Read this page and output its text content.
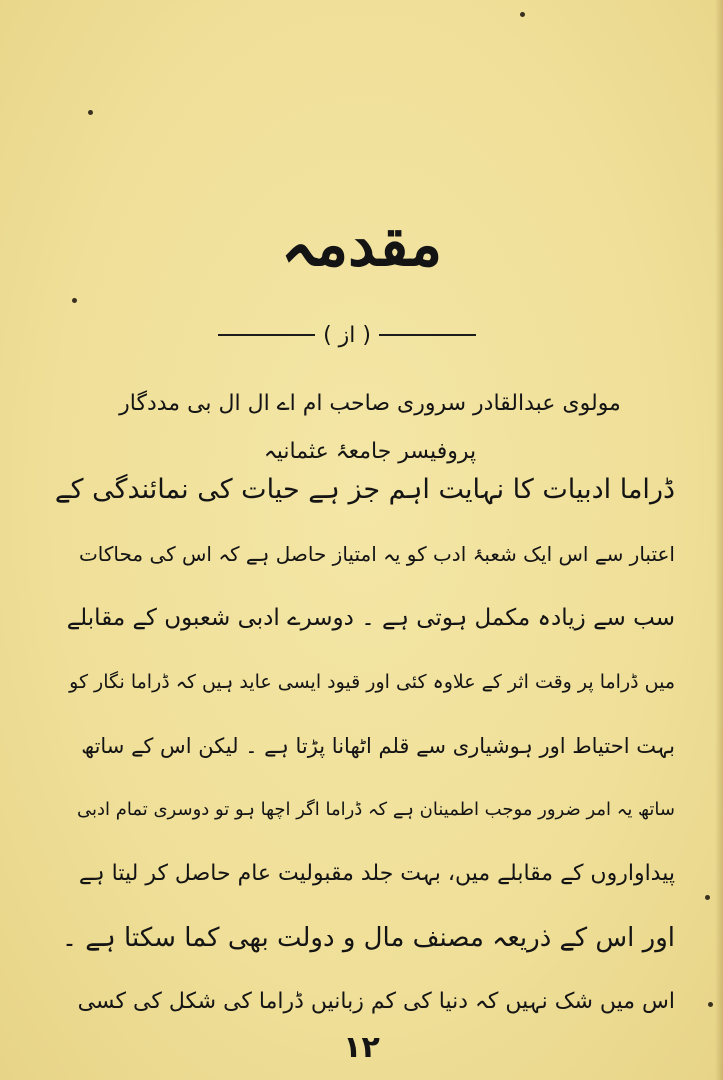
مقدمہ
( از )
مولوی عبدالقادر سروری صاحب ام اے ال ال بی مددگار پروفیسر جامعۂ عثمانیہ
ڈراما ادبیات کا نہایت اہم جز ہے حیات کی نمائندگی کے
اعتبار سے اس ایک شعبۂ ادب کو یہ امتیاز حاصل ہے کہ اس کی محاکات
سب سے زیادہ مکمل ہوتی ہے ۔ دوسرے ادبی شعبوں کے مقابلے
میں ڈراما پر وقت اثر کے علاوہ کئی اور قیود ایسی عاید ہیں کہ ڈراما نگار کو
بہت احتیاط اور ہوشیاری سے قلم اٹھانا پڑتا ہے ۔ لیکن اس کے ساتھ
ساتھ یہ امر ضرور موجب اطمینان ہے کہ ڈراما اگر اچھا ہو تو دوسری تمام ادبی
پیداواروں کے مقابلے میں، بہت جلد مقبولیت عام حاصل کر لیتا ہے
اور اس کے ذریعہ مصنف مال و دولت بھی کما سکتا ہے ۔
اس میں شک نہیں کہ دنیا کی کم زبانیں ڈراما کی شکل کی کسی
۱۲
